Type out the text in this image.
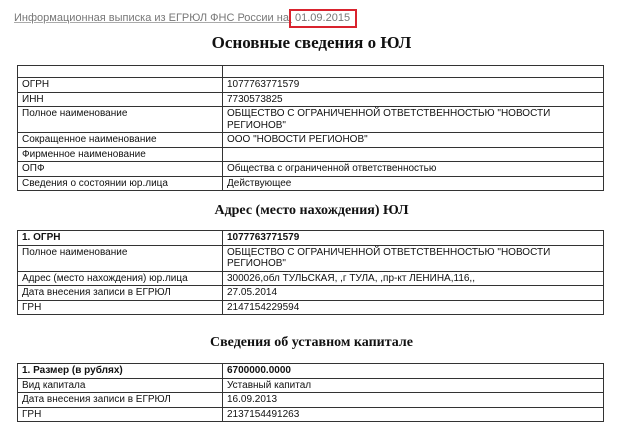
Информационная выписка из ЕГРЮЛ ФНС России на 01.09.2015
Основные сведения о ЮЛ

ОГРН	1077763771579
ИНН	7730573825
Полное наименование	ОБЩЕСТВО С ОГРАНИЧЕННОЙ ОТВЕТСТВЕННОСТЬЮ "НОВОСТИ РЕГИОНОВ"
Сокращенное наименование	ООО "НОВОСТИ РЕГИОНОВ"
Фирменное наименование	
ОПФ	Общества с ограниченной ответственностью
Сведения о состоянии юр.лица	Действующее
Адрес (место нахождения) ЮЛ
1. ОГРН	1077763771579
Полное наименование	ОБЩЕСТВО С ОГРАНИЧЕННОЙ ОТВЕТСТВЕННОСТЬЮ "НОВОСТИ РЕГИОНОВ"
Адрес (место нахождения) юр.лица	300026,обл ТУЛЬСКАЯ, ,г ТУЛА, ,пр-кт ЛЕНИНА,116,,
Дата внесения записи в ЕГРЮЛ	27.05.2014
ГРН	2147154229594
Сведения об уставном капитале
1. Размер (в рублях)	6700000.0000
Вид капитала	Уставный капитал
Дата внесения записи в ЕГРЮЛ	16.09.2013
ГРН	2137154491263
